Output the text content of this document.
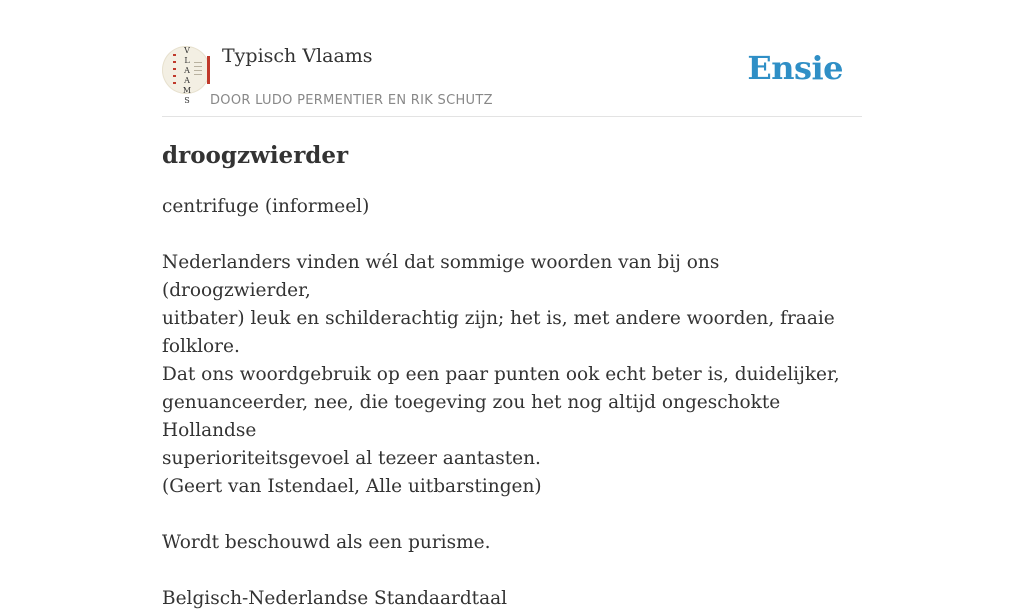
V
L
A
A
M
S
Typisch Vlaams
DOOR LUDO PERMENTIER EN RIK SCHUTZ
Ensie
droogzwierder

centrifuge (informeel)

Nederlanders vinden wél dat sommige woorden van bij ons (droogzwierder,
uitbater) leuk en schilderachtig zijn; het is, met andere woorden, fraaie folklore.
Dat ons woordgebruik op een paar punten ook echt beter is, duidelijker,
genuanceerder, nee, die toegeving zou het nog altijd ongeschokte Hollandse
superioriteitsgevoel al tezeer aantasten.
(Geert van Istendael, Alle uitbarstingen)

Wordt beschouwd als een purisme.

Belgisch-Nederlandse Standaardtaal
